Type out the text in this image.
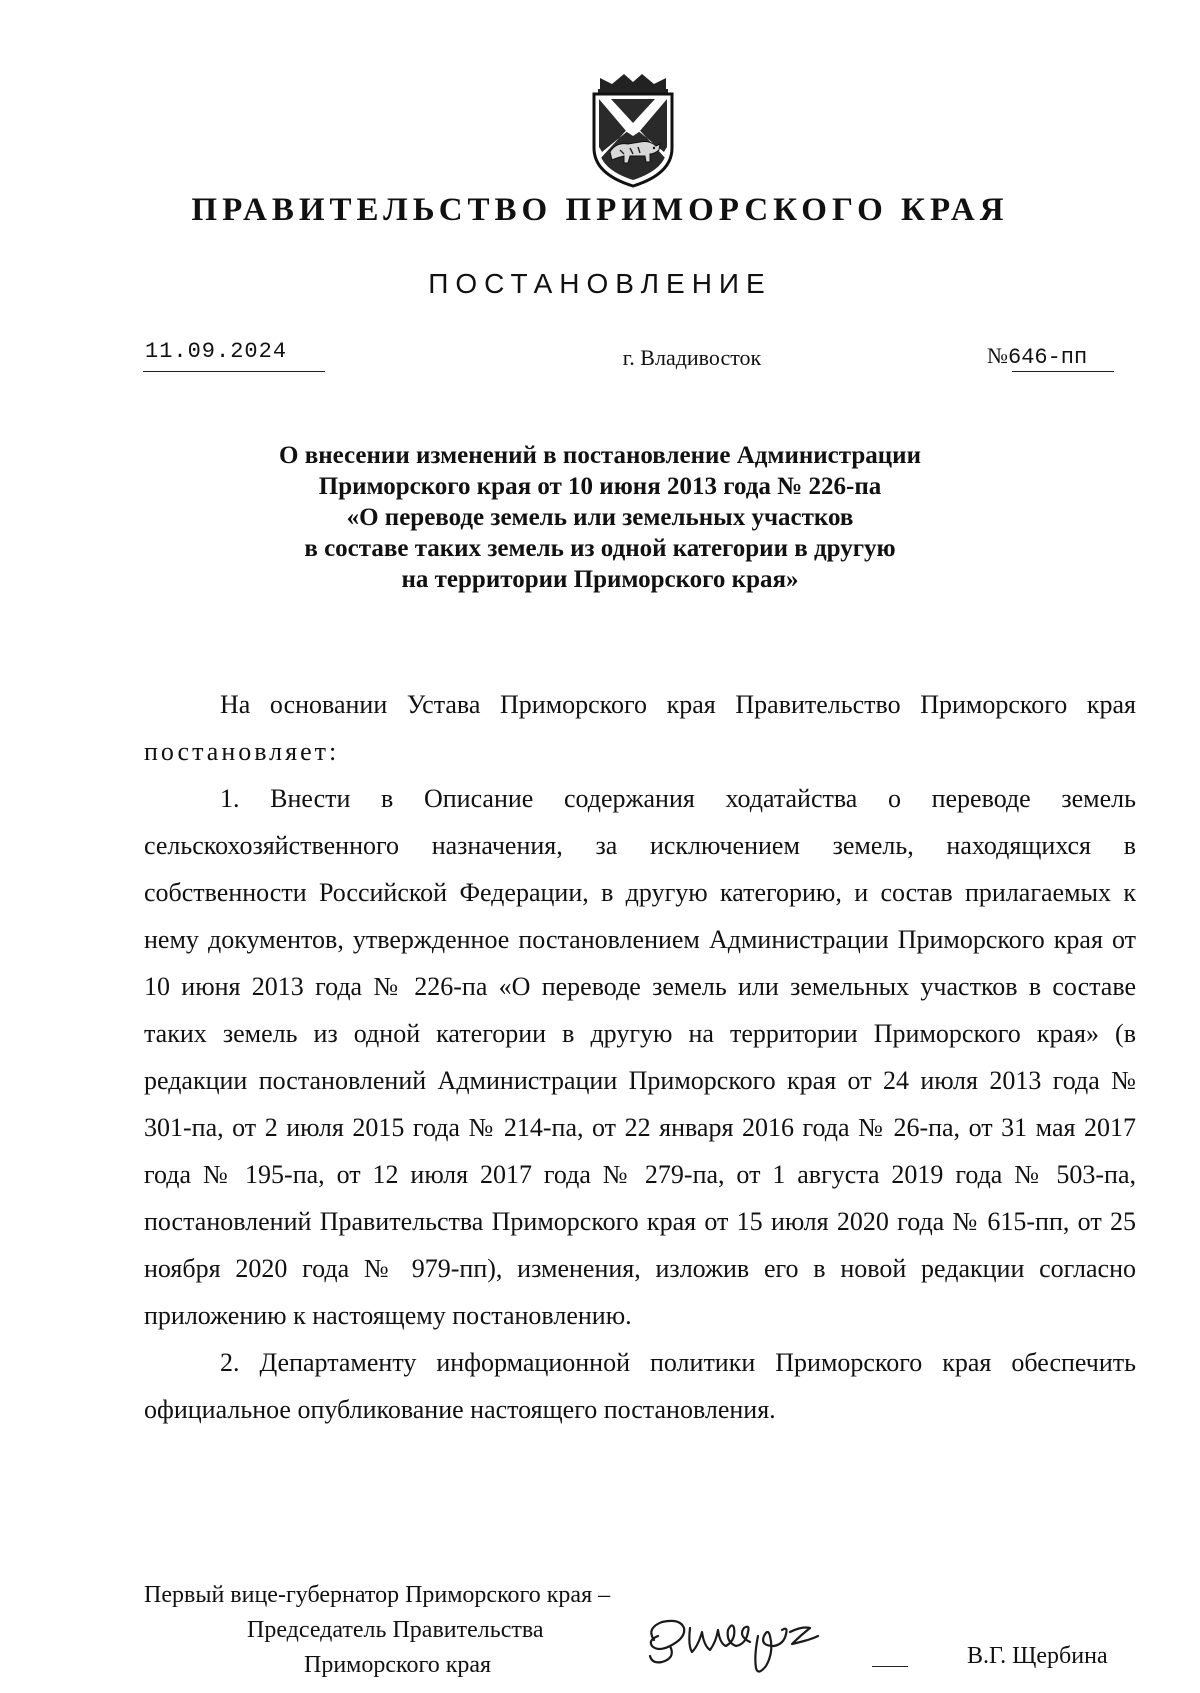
ПРАВИТЕЛЬСТВО ПРИМОРСКОГО КРАЯ
ПОСТАНОВЛЕНИЕ
11.09.2024	г. Владивосток	№646-пп
О внесении изменений в постановление Администрации
Приморского края от 10 июня 2013 года № 226-па
«О переводе земель или земельных участков
в составе таких земель из одной категории в другую
на территории Приморского края»

На основании Устава Приморского края Правительство Приморского края постановляет:

1. Внести в Описание содержания ходатайства о переводе земель сельскохозяйственного назначения, за исключением земель, находящихся в собственности Российской Федерации, в другую категорию, и состав прилагаемых к нему документов, утвержденное постановлением Администрации Приморского края от 10 июня 2013 года № 226-па «О переводе земель или земельных участков в составе таких земель из одной категории в другую на территории Приморского края» (в редакции постановлений Администрации Приморского края от 24 июля 2013 года № 301-па, от 2 июля 2015 года № 214-па, от 22 января 2016 года № 26-па, от 31 мая 2017 года № 195-па, от 12 июля 2017 года № 279-па, от 1 августа 2019 года № 503-па, постановлений Правительства Приморского края от 15 июля 2020 года № 615-пп, от 25 ноября 2020 года № 979-пп), изменения, изложив его в новой редакции согласно приложению к настоящему постановлению.

2. Департаменту информационной политики Приморского края обеспечить официальное опубликование настоящего постановления.

Первый вице-губернатор Приморского края –
Председатель Правительства
Приморского края	В.Г. Щербина
